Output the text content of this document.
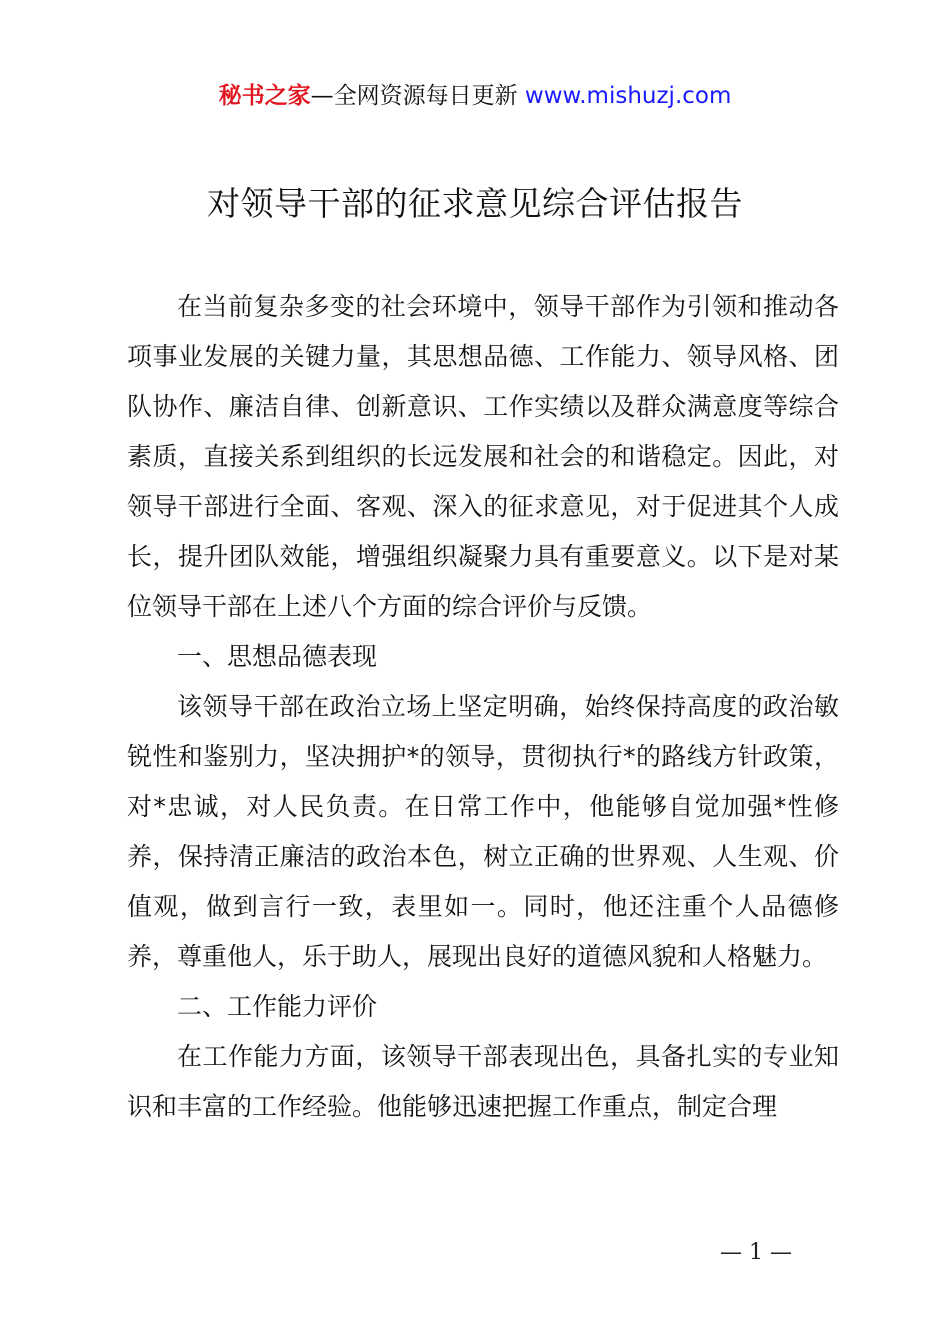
秘书之家—全网资源每日更新 www.mishuzj.com
对领导干部的征求意见综合评估报告

在当前复杂多变的社会环境中，领导干部作为引领和推动各项事业发展的关键力量，其思想品德、工作能力、领导风格、团队协作、廉洁自律、创新意识、工作实绩以及群众满意度等综合素质，直接关系到组织的长远发展和社会的和谐稳定。因此，对领导干部进行全面、客观、深入的征求意见，对于促进其个人成长，提升团队效能，增强组织凝聚力具有重要意义。以下是对某位领导干部在上述八个方面的综合评价与反馈。

一、思想品德表现

该领导干部在政治立场上坚定明确，始终保持高度的政治敏锐性和鉴别力，坚决拥护*的领导，贯彻执行*的路线方针政策，对*忠诚，对人民负责。在日常工作中，他能够自觉加强*性修养，保持清正廉洁的政治本色，树立正确的世界观、人生观、价值观，做到言行一致，表里如一。同时，他还注重个人品德修养，尊重他人，乐于助人，展现出良好的道德风貌和人格魅力。

二、工作能力评价

在工作能力方面，该领导干部表现出色，具备扎实的专业知识和丰富的工作经验。他能够迅速把握工作重点，制定合理

— 1 —
